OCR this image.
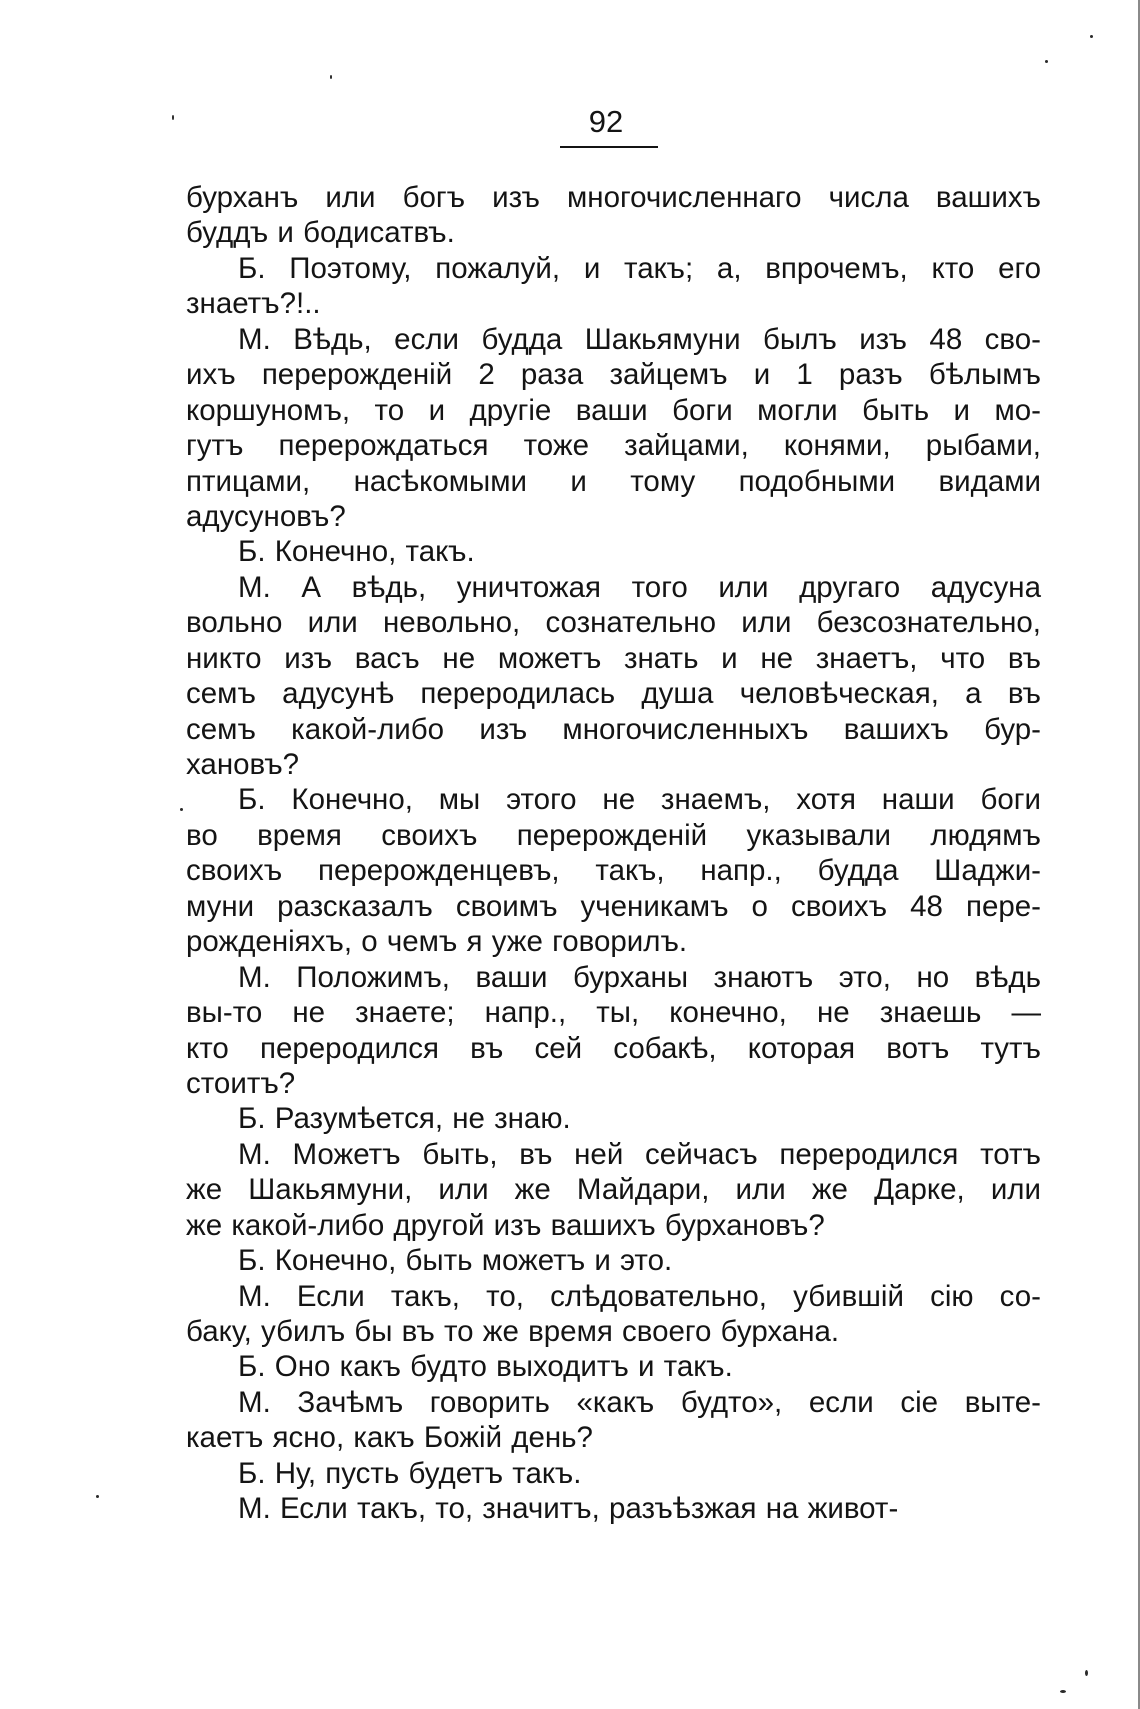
92
бурханъ или богъ изъ многочисленнаго числа вашихъ
буддъ и бодисатвъ.
Б. Поэтому, пожалуй, и такъ; а, впрочемъ, кто его
знаетъ?!..
М. Вѣдь, если будда Шакьямуни былъ изъ 48 сво-
ихъ перерожденій 2 раза зайцемъ и 1 разъ бѣлымъ
коршуномъ, то и другіе ваши боги могли быть и мо-
гутъ перерождаться тоже зайцами, конями, рыбами,
птицами, насѣкомыми и тому подобными видами
адусуновъ?
Б. Конечно, такъ.
М. А вѣдь, уничтожая того или другаго адусуна
вольно или невольно, сознательно или безсознательно,
никто изъ васъ не можетъ знать и не знаетъ, что въ
семъ адусунѣ переродилась душа человѣческая, а въ
семъ какой-либо изъ многочисленныхъ вашихъ бур-
хановъ?
Б. Конечно, мы этого не знаемъ, хотя наши боги
во время своихъ перерожденій указывали людямъ
своихъ перерожденцевъ, такъ, напр., будда Шаджи-
муни разсказалъ своимъ ученикамъ о своихъ 48 пере-
рожденіяхъ, о чемъ я уже говорилъ.
М. Положимъ, ваши бурханы знаютъ это, но вѣдь
вы-то не знаете; напр., ты, конечно, не знаешь —
кто переродился въ сей собакѣ, которая вотъ тутъ
стоитъ?
Б. Разумѣется, не знаю.
М. Можетъ быть, въ ней сейчасъ переродился тотъ
же Шакьямуни, или же Майдари, или же Дарке, или
же какой-либо другой изъ вашихъ бурхановъ?
Б. Конечно, быть можетъ и это.
М. Если такъ, то, слѣдовательно, убившій сію со-
баку, убилъ бы въ то же время своего бурхана.
Б. Оно какъ будто выходитъ и такъ.
М. Зачѣмъ говорить «какъ будто», если сіе выте-
каетъ ясно, какъ Божій день?
Б. Ну, пусть будетъ такъ.
М. Если такъ, то, значитъ, разъѣзжая на живот-
